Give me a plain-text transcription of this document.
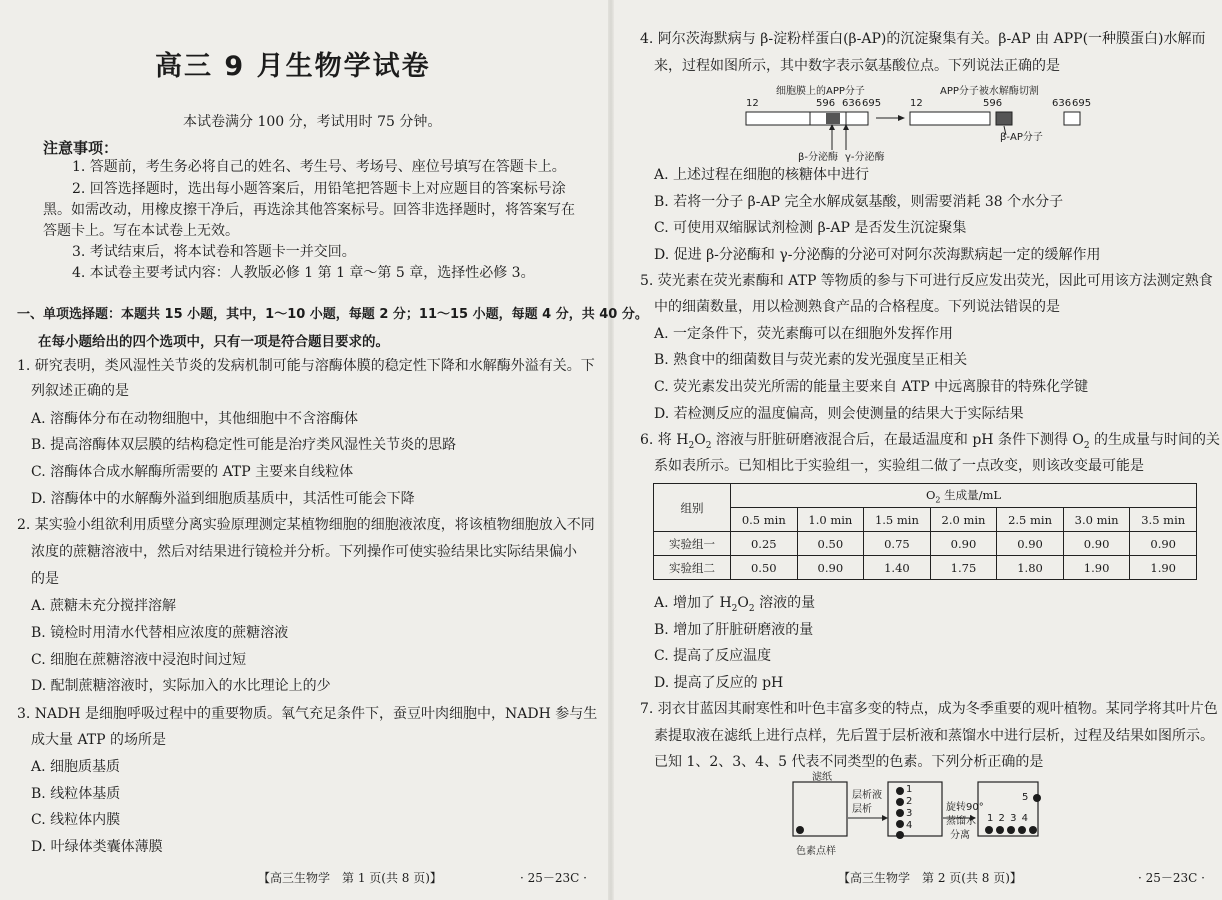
高三 9 月生物学试卷
本试卷满分 100 分，考试用时 75 分钟。
注意事项：
1. 答题前，考生务必将自己的姓名、考生号、考场号、座位号填写在答题卡上。
2. 回答选择题时，选出每小题答案后，用铅笔把答题卡上对应题目的答案标号涂
黑。如需改动，用橡皮擦干净后，再选涂其他答案标号。回答非选择题时，将答案写在
答题卡上。写在本试卷上无效。
3. 考试结束后，将本试卷和答题卡一并交回。
4. 本试卷主要考试内容：人教版必修 1 第 1 章～第 5 章，选择性必修 3。
一、单项选择题：本题共 15 小题，其中，1～10 小题，每题 2 分；11～15 小题，每题 4 分，共 40 分。
在每小题给出的四个选项中，只有一项是符合题目要求的。
1. 研究表明，类风湿性关节炎的发病机制可能与溶酶体膜的稳定性下降和水解酶外溢有关。下
列叙述正确的是
A. 溶酶体分布在动物细胞中，其他细胞中不含溶酶体
B. 提高溶酶体双层膜的结构稳定性可能是治疗类风湿性关节炎的思路
C. 溶酶体合成水解酶所需要的 ATP 主要来自线粒体
D. 溶酶体中的水解酶外溢到细胞质基质中，其活性可能会下降
2. 某实验小组欲利用质壁分离实验原理测定某植物细胞的细胞液浓度，将该植物细胞放入不同
浓度的蔗糖溶液中，然后对结果进行镜检并分析。下列操作可使实验结果比实际结果偏小
的是
A. 蔗糖未充分搅拌溶解
B. 镜检时用清水代替相应浓度的蔗糖溶液
C. 细胞在蔗糖溶液中浸泡时间过短
D. 配制蔗糖溶液时，实际加入的水比理论上的少
3. NADH 是细胞呼吸过程中的重要物质。氧气充足条件下，蚕豆叶肉细胞中，NADH 参与生
成大量 ATP 的场所是
A. 细胞质基质
B. 线粒体基质
C. 线粒体内膜
D. 叶绿体类囊体薄膜
【高三生物学　第 1 页(共 8 页)】	· 25－23C ·
4. 阿尔茨海默病与 β-淀粉样蛋白(β-AP)的沉淀聚集有关。β-AP 由 APP(一种膜蛋白)水解而
来，过程如图所示，其中数字表示氨基酸位点。下列说法正确的是
细胞膜上的APP分子	APP分子被水解酶切割
12	596 636 695	12	596	636 695
β-AP分子
β-分泌酶 γ-分泌酶
A. 上述过程在细胞的核糖体中进行
B. 若将一分子 β-AP 完全水解成氨基酸，则需要消耗 38 个水分子
C. 可使用双缩脲试剂检测 β-AP 是否发生沉淀聚集
D. 促进 β-分泌酶和 γ-分泌酶的分泌可对阿尔茨海默病起一定的缓解作用
5. 荧光素在荧光素酶和 ATP 等物质的参与下可进行反应发出荧光，因此可用该方法测定熟食
中的细菌数量，用以检测熟食产品的合格程度。下列说法错误的是
A. 一定条件下，荧光素酶可以在细胞外发挥作用
B. 熟食中的细菌数目与荧光素的发光强度呈正相关
C. 荧光素发出荧光所需的能量主要来自 ATP 中远离腺苷的特殊化学键
D. 若检测反应的温度偏高，则会使测量的结果大于实际结果
6. 将 $H_2O_2$ 溶液与肝脏研磨液混合后，在最适温度和 pH 条件下测得 $O_2$ 的生成量与时间的关
系如表所示。已知相比于实验组一，实验组二做了一点改变，则该改变最可能是
组别	$O_2$ 生成量/mL						
	0.5 min	1.0 min	1.5 min	2.0 min	2.5 min	3.0 min	3.5 min
实验组一	0.25	0.50	0.75	0.90	0.90	0.90	0.90
实验组二	0.50	0.90	1.40	1.75	1.80	1.90	1.90
A. 增加了 $H_2O_2$ 溶液的量
B. 增加了肝脏研磨液的量
C. 提高了反应温度
D. 提高了反应的 pH
7. 羽衣甘蓝因其耐寒性和叶色丰富多变的特点，成为冬季重要的观叶植物。某同学将其叶片色
素提取液在滤纸上进行点样，先后置于层析液和蒸馏水中进行层析，过程及结果如图所示。
已知 1、2、3、4、5 代表不同类型的色素。下列分析正确的是
滤纸
层析液
层析
1
2
3
4
旋转90°
蒸馏水
分离
5
1 2 3 4
色素点样
【高三生物学　第 2 页(共 8 页)】	· 25－23C ·
